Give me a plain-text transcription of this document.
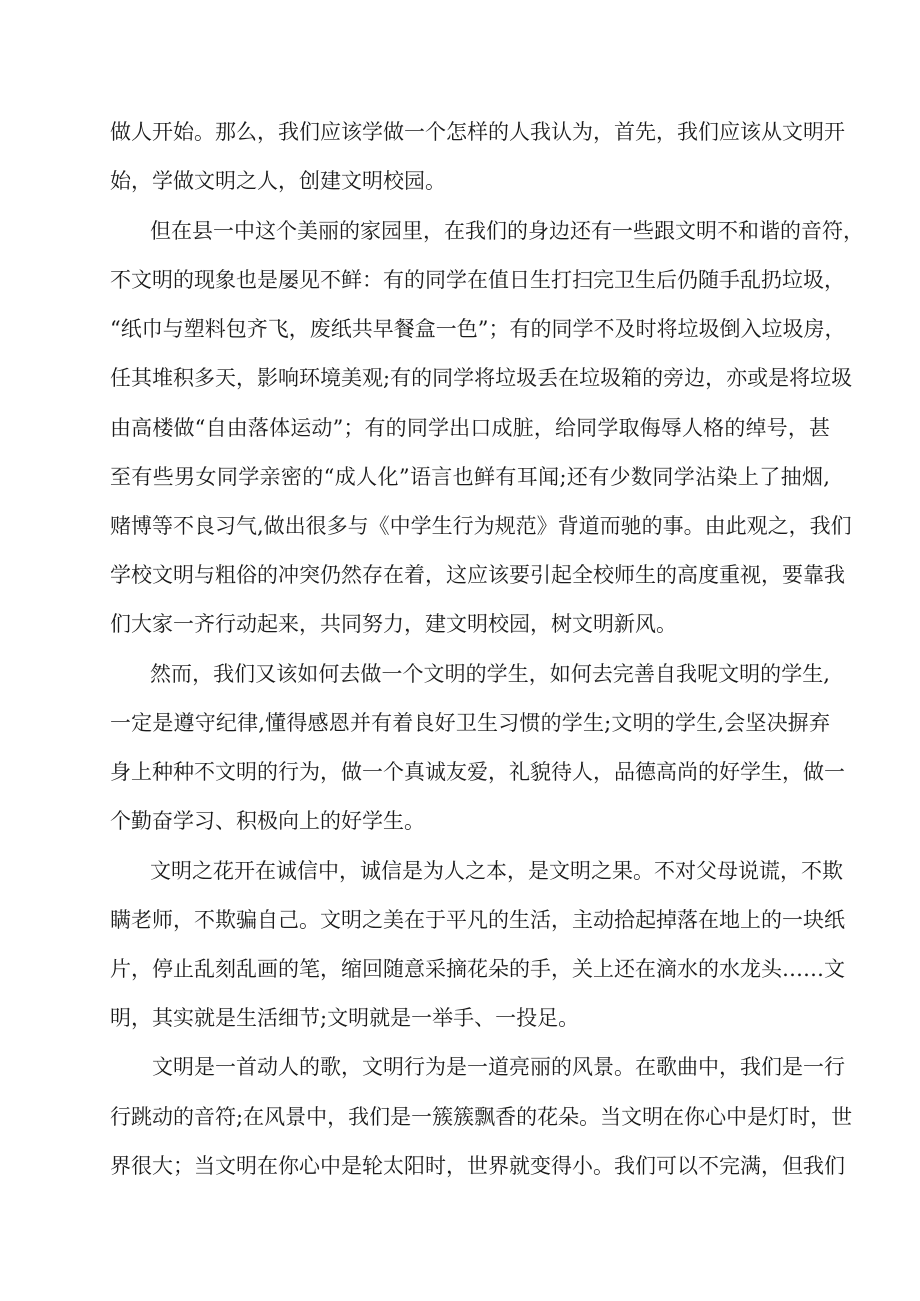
做人开始。那么，我们应该学做一个怎样的人我认为，首先，我们应该从文明开
始，学做文明之人，创建文明校园。
但在县一中这个美丽的家园里，在我们的身边还有一些跟文明不和谐的音符，
不文明的现象也是屡见不鲜：有的同学在值日生打扫完卫生后仍随手乱扔垃圾，
“纸巾与塑料包齐飞，废纸共早餐盒一色”；有的同学不及时将垃圾倒入垃圾房，
任其堆积多天，影响环境美观;有的同学将垃圾丢在垃圾箱的旁边，亦或是将垃圾
由高楼做“自由落体运动”；有的同学出口成脏，给同学取侮辱人格的绰号，甚
至有些男女同学亲密的“成人化”语言也鲜有耳闻;还有少数同学沾染上了抽烟,
赌博等不良习气,做出很多与《中学生行为规范》背道而驰的事。由此观之，我们
学校文明与粗俗的冲突仍然存在着，这应该要引起全校师生的高度重视，要靠我
们大家一齐行动起来，共同努力，建文明校园，树文明新风。
然而，我们又该如何去做一个文明的学生，如何去完善自我呢文明的学生,
一定是遵守纪律,懂得感恩并有着良好卫生习惯的学生;文明的学生,会坚决摒弃
身上种种不文明的行为，做一个真诚友爱，礼貌待人，品德高尚的好学生，做一
个勤奋学习、积极向上的好学生。
文明之花开在诚信中，诚信是为人之本，是文明之果。不对父母说谎，不欺
瞒老师，不欺骗自己。文明之美在于平凡的生活，主动拾起掉落在地上的一块纸
片，停止乱刻乱画的笔，缩回随意采摘花朵的手，关上还在滴水的水龙头……文
明，其实就是生活细节;文明就是一举手、一投足。
文明是一首动人的歌，文明行为是一道亮丽的风景。在歌曲中，我们是一行
行跳动的音符;在风景中，我们是一簇簇飘香的花朵。当文明在你心中是灯时，世
界很大；当文明在你心中是轮太阳时，世界就变得小。我们可以不完满，但我们
